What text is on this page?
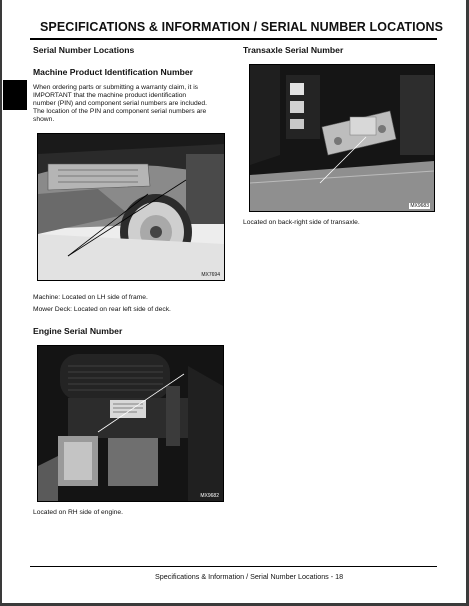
SPECIFICATIONS & INFORMATION / SERIAL NUMBER LOCATIONS
Serial Number Locations
Machine Product Identification Number
When ordering parts or submitting a warranty claim, it is
IMPORTANT that the machine product identification
number (PIN) and component serial numbers are included.
The location of the PIN and component serial numbers are
shown.
MX7694
Machine: Located on LH side of frame.
Mower Deck: Located on rear left side of deck.
Engine Serial Number
MX9682
Located on RH side of engine.
Transaxle Serial Number
MX9683
Located on back-right side of transaxle.
Specifications & Information / Serial Number Locations - 18
